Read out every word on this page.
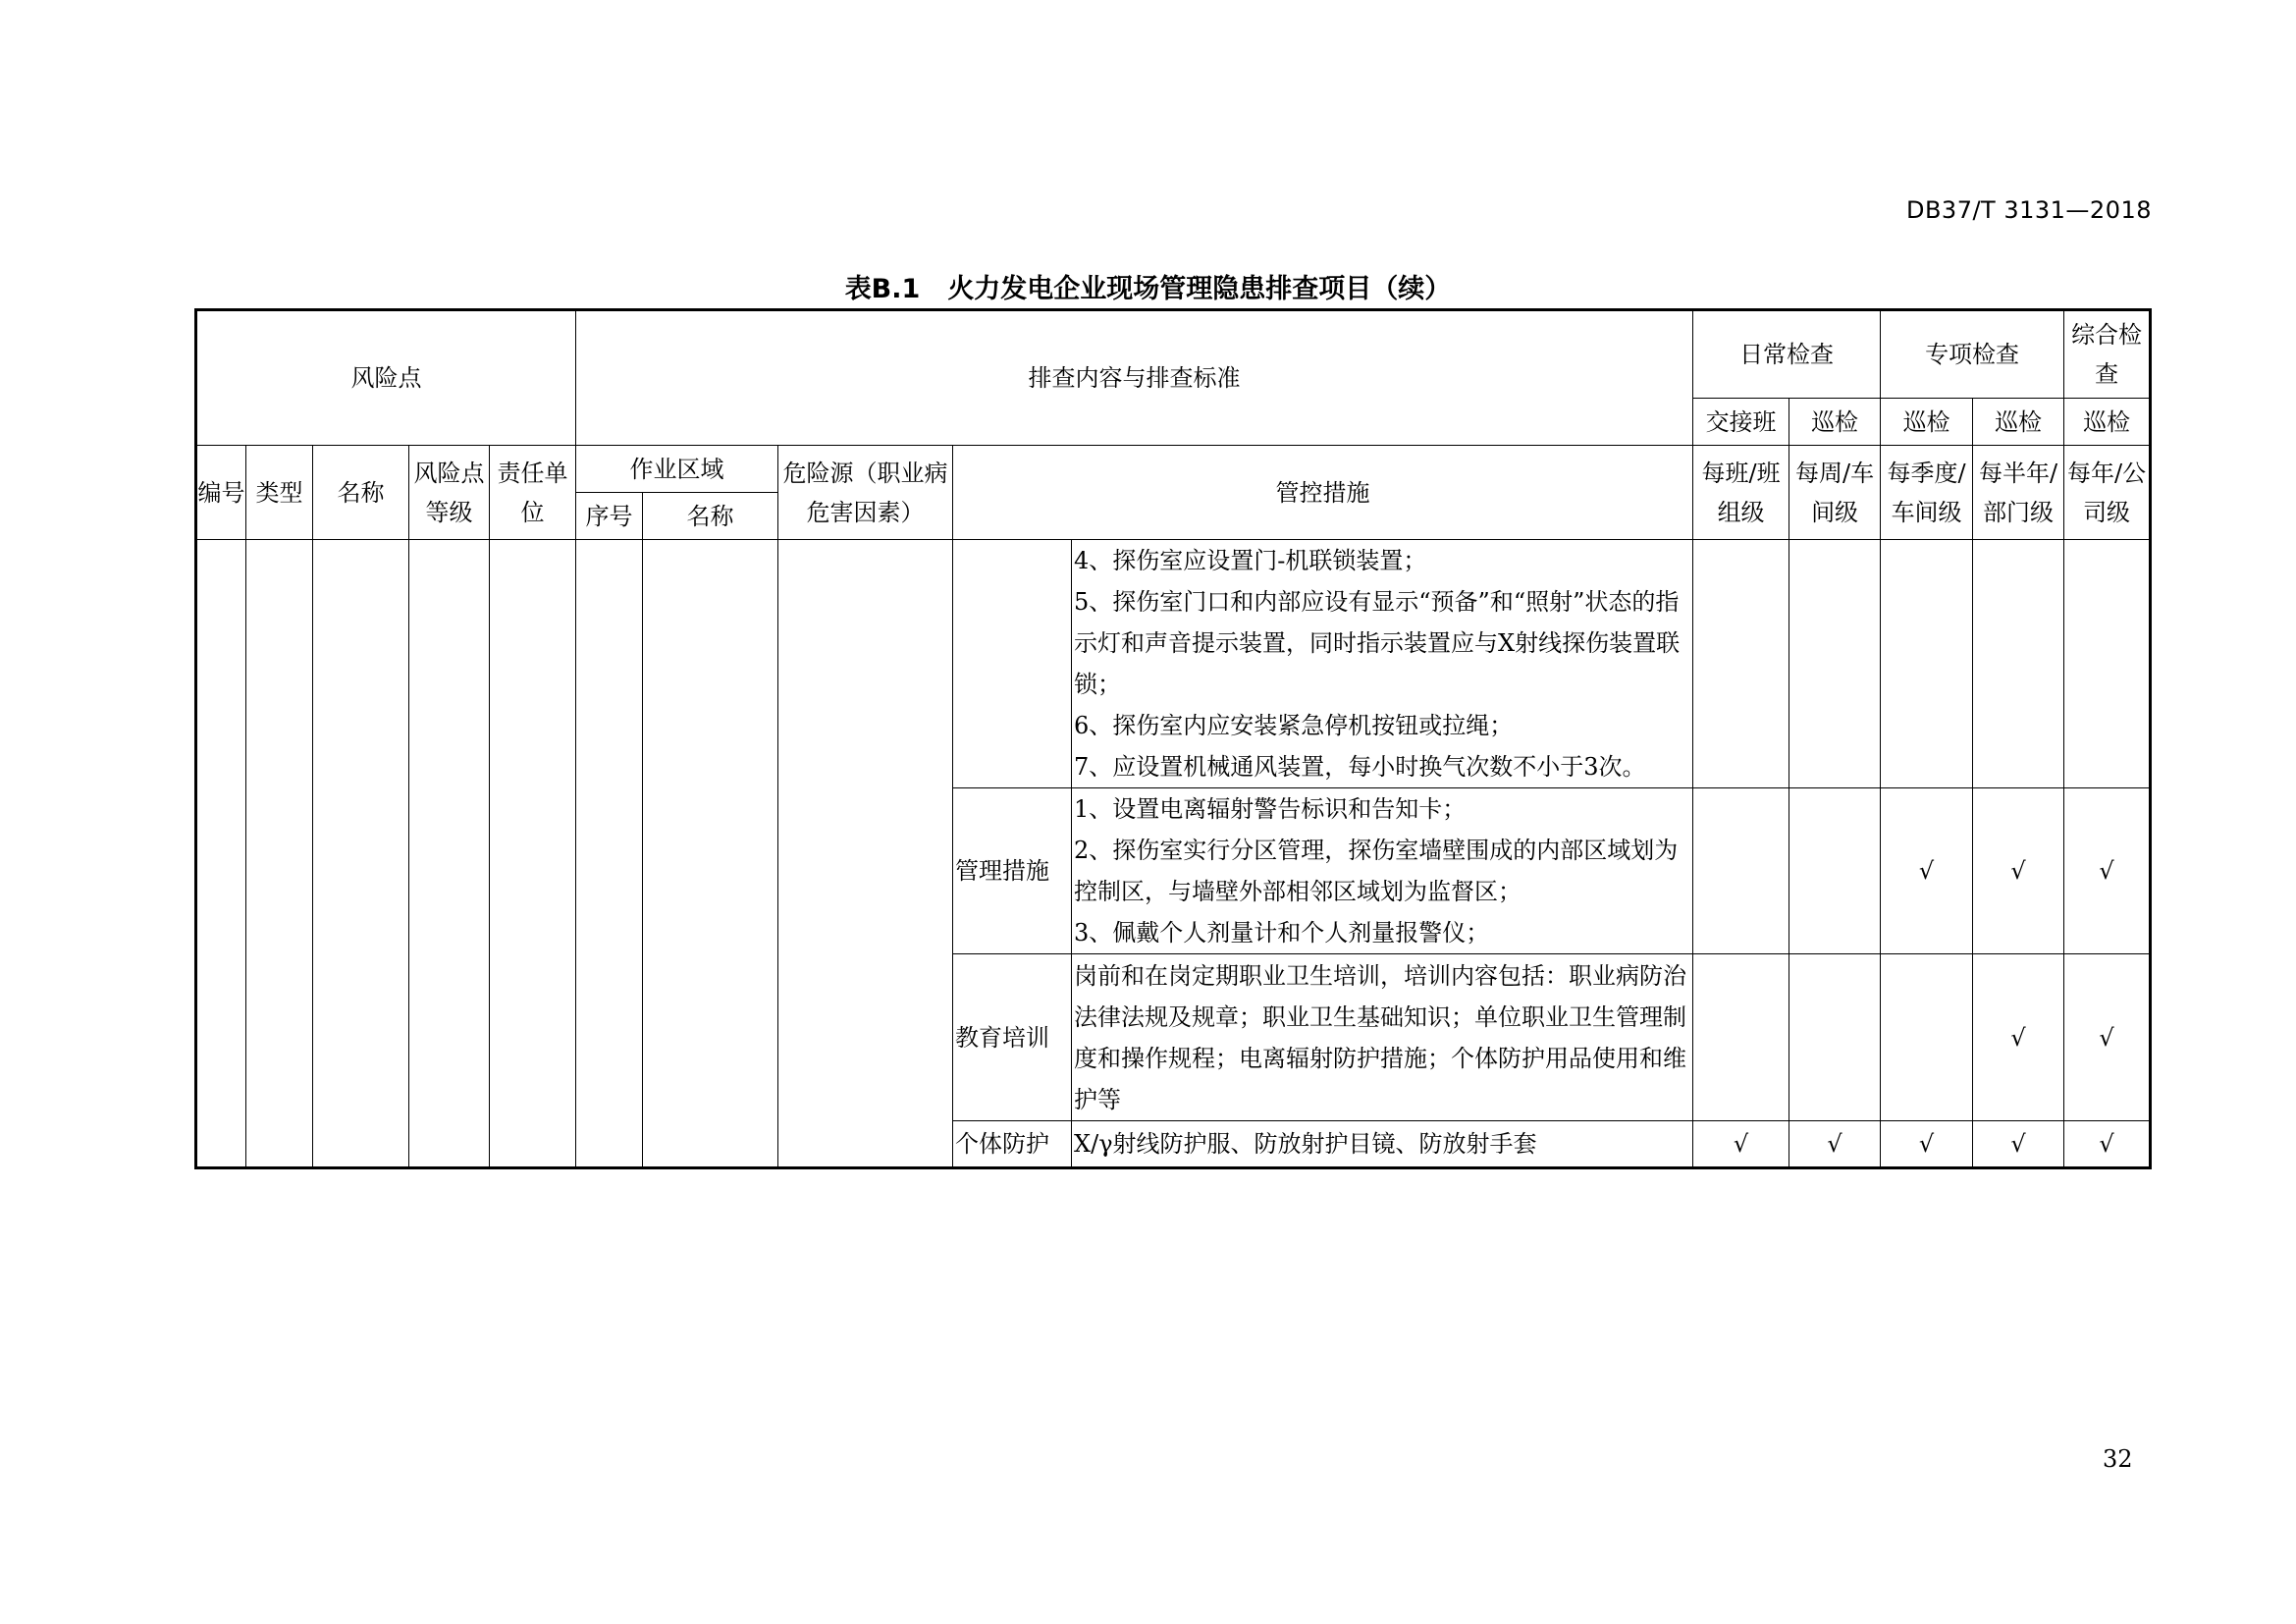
DB37/T 3131—2018
表B.1 火力发电企业现场管理隐患排查项目（续）
风险点					排查内容与排查标准					日常检查		专项检查		综合检查
										交接班	巡检	巡检	巡检	巡检
编号	类型	名称	风险点等级	责任单位	作业区域		危险源（职业病危害因素）	管控措施		每班/班组级	每周/车间级	每季度/车间级	每半年/部门级	每年/公司级
					序号	名称								

									4、探伤室应设置门-机联锁装置；
5、探伤室门口和内部应设有显示“预备”和“照射”状态的指示灯和声音提示装置，同时指示装置应与X射线探伤装置联锁；
6、探伤室内应安装紧急停机按钮或拉绳；
7、应设置机械通风装置，每小时换气次数不小于3次。					

								管理措施	1、设置电离辐射警告标识和告知卡；
2、探伤室实行分区管理，探伤室墙壁围成的内部区域划为控制区，与墙壁外部相邻区域划为监督区；
3、佩戴个人剂量计和个人剂量报警仪；			√	√	√
								教育培训	岗前和在岗定期职业卫生培训，培训内容包括：职业病防治法律法规及规章；职业卫生基础知识；单位职业卫生管理制度和操作规程；电离辐射防护措施；个体防护用品使用和维护等				√	√
								个体防护	X/γ射线防护服、防放射护目镜、防放射手套	√	√	√	√	√
32
